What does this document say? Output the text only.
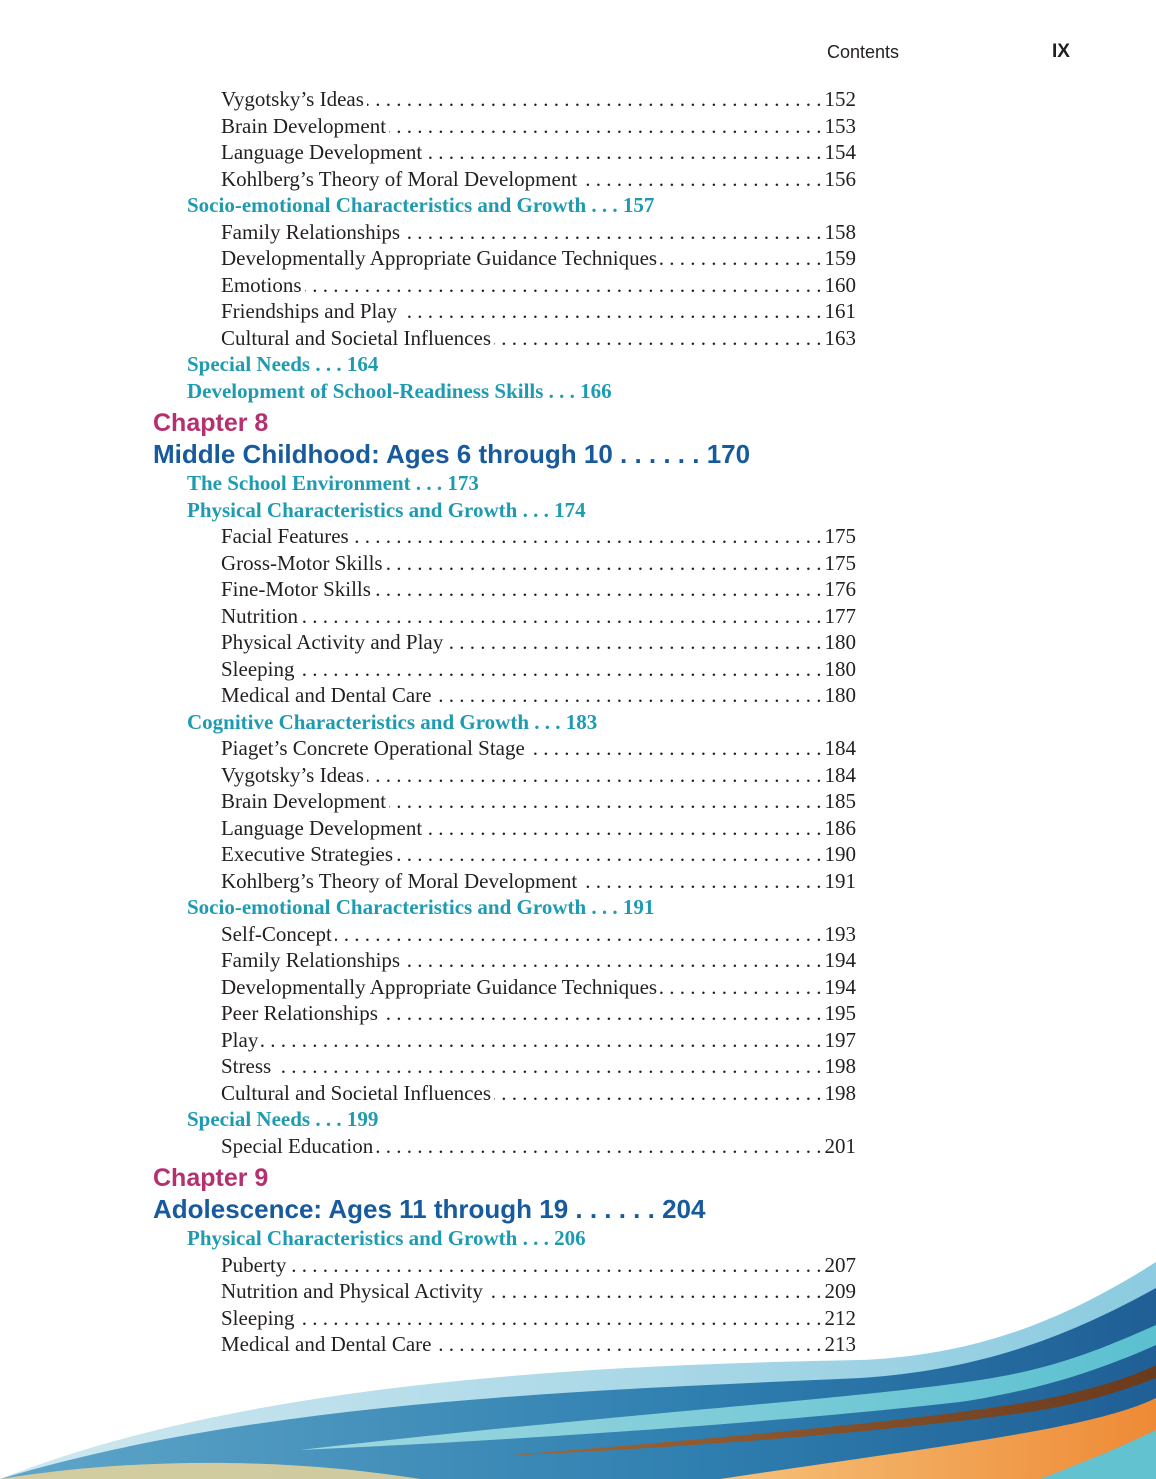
Contents	IX
Vygotsky’s Ideas . . .	152
Brain Development . . .	153
Language Development . . .	154
Kohlberg’s Theory of Moral Development . . .	156
Socio-emotional Characteristics and Growth . . . 157
Family Relationships . . .	158
Developmentally Appropriate Guidance Techniques . . .	159
Emotions . . .	160
Friendships and Play . . .	161
Cultural and Societal Influences . . .	163
Special Needs . . . 164
Development of School-Readiness Skills . . . 166
Chapter 8
Middle Childhood: Ages 6 through 10 . . . . . . 170
The School Environment . . . 173
Physical Characteristics and Growth . . . 174
Facial Features . . .	175
Gross-Motor Skills . . .	175
Fine-Motor Skills . . .	176
Nutrition . . .	177
Physical Activity and Play . . .	180
Sleeping . . .	180
Medical and Dental Care . . .	180
Cognitive Characteristics and Growth . . . 183
Piaget’s Concrete Operational Stage . . .	184
Vygotsky’s Ideas . . .	184
Brain Development . . .	185
Language Development . . .	186
Executive Strategies . . .	190
Kohlberg’s Theory of Moral Development . . .	191
Socio-emotional Characteristics and Growth . . . 191
Self-Concept . . .	193
Family Relationships . . .	194
Developmentally Appropriate Guidance Techniques . . .	194
Peer Relationships . . .	195
Play . . .	197
Stress . . .	198
Cultural and Societal Influences . . .	198
Special Needs . . . 199
Special Education . . .	201
Chapter 9
Adolescence: Ages 11 through 19 . . . . . . 204
Physical Characteristics and Growth . . . 206
Puberty . . .	207
Nutrition and Physical Activity . . .	209
Sleeping . . .	212
Medical and Dental Care . . .	213
